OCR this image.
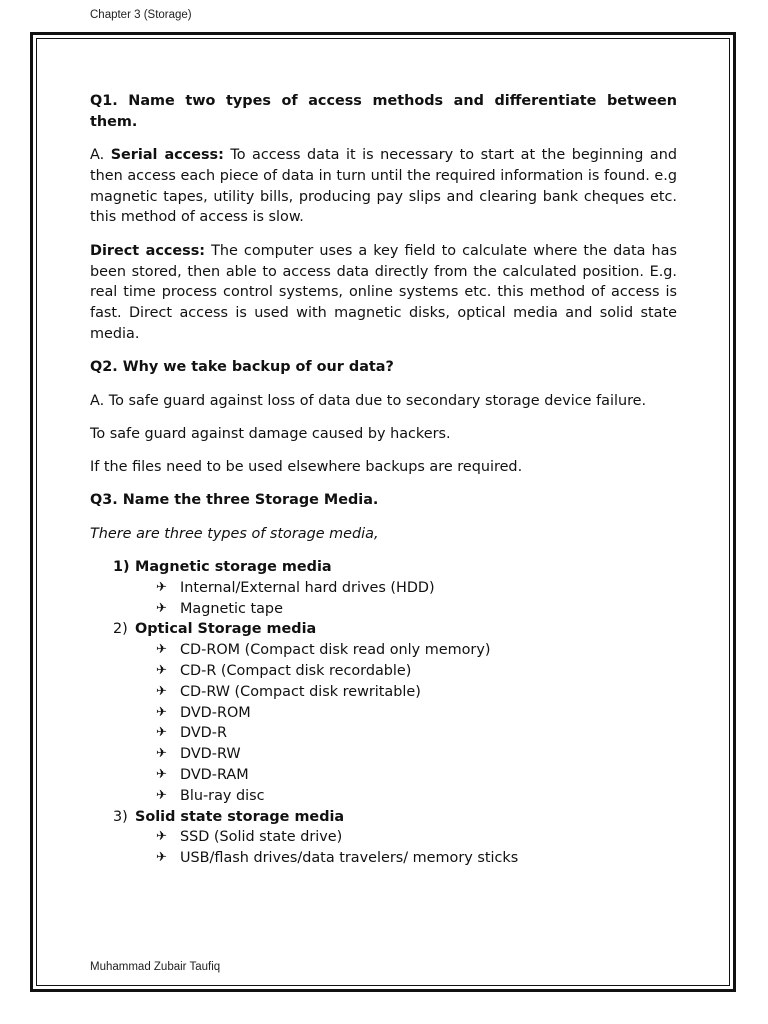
Chapter 3 (Storage)

Q1. Name two types of access methods and differentiate between them.

A. Serial access: To access data it is necessary to start at the beginning and then access each piece of data in turn until the required information is found. e.g magnetic tapes, utility bills, producing pay slips and clearing bank cheques etc. this method of access is slow.

Direct access: The computer uses a key field to calculate where the data has been stored, then able to access data directly from the calculated position. E.g. real time process control systems, online systems etc. this method of access is fast. Direct access is used with magnetic disks, optical media and solid state media.

Q2. Why we take backup of our data?

A. To safe guard against loss of data due to secondary storage device failure.

To safe guard against damage caused by hackers.

If the files need to be used elsewhere backups are required.

Q3. Name the three Storage Media.

There are three types of storage media,

1) Magnetic storage media
✈ Internal/External hard drives (HDD)
✈ Magnetic tape
2) Optical Storage media
✈ CD-ROM (Compact disk read only memory)
✈ CD-R (Compact disk recordable)
✈ CD-RW (Compact disk rewritable)
✈ DVD-ROM
✈ DVD-R
✈ DVD-RW
✈ DVD-RAM
✈ Blu-ray disc
3) Solid state storage media
✈ SSD (Solid state drive)
✈ USB/flash drives/data travelers/ memory sticks
Muhammad Zubair Taufiq
